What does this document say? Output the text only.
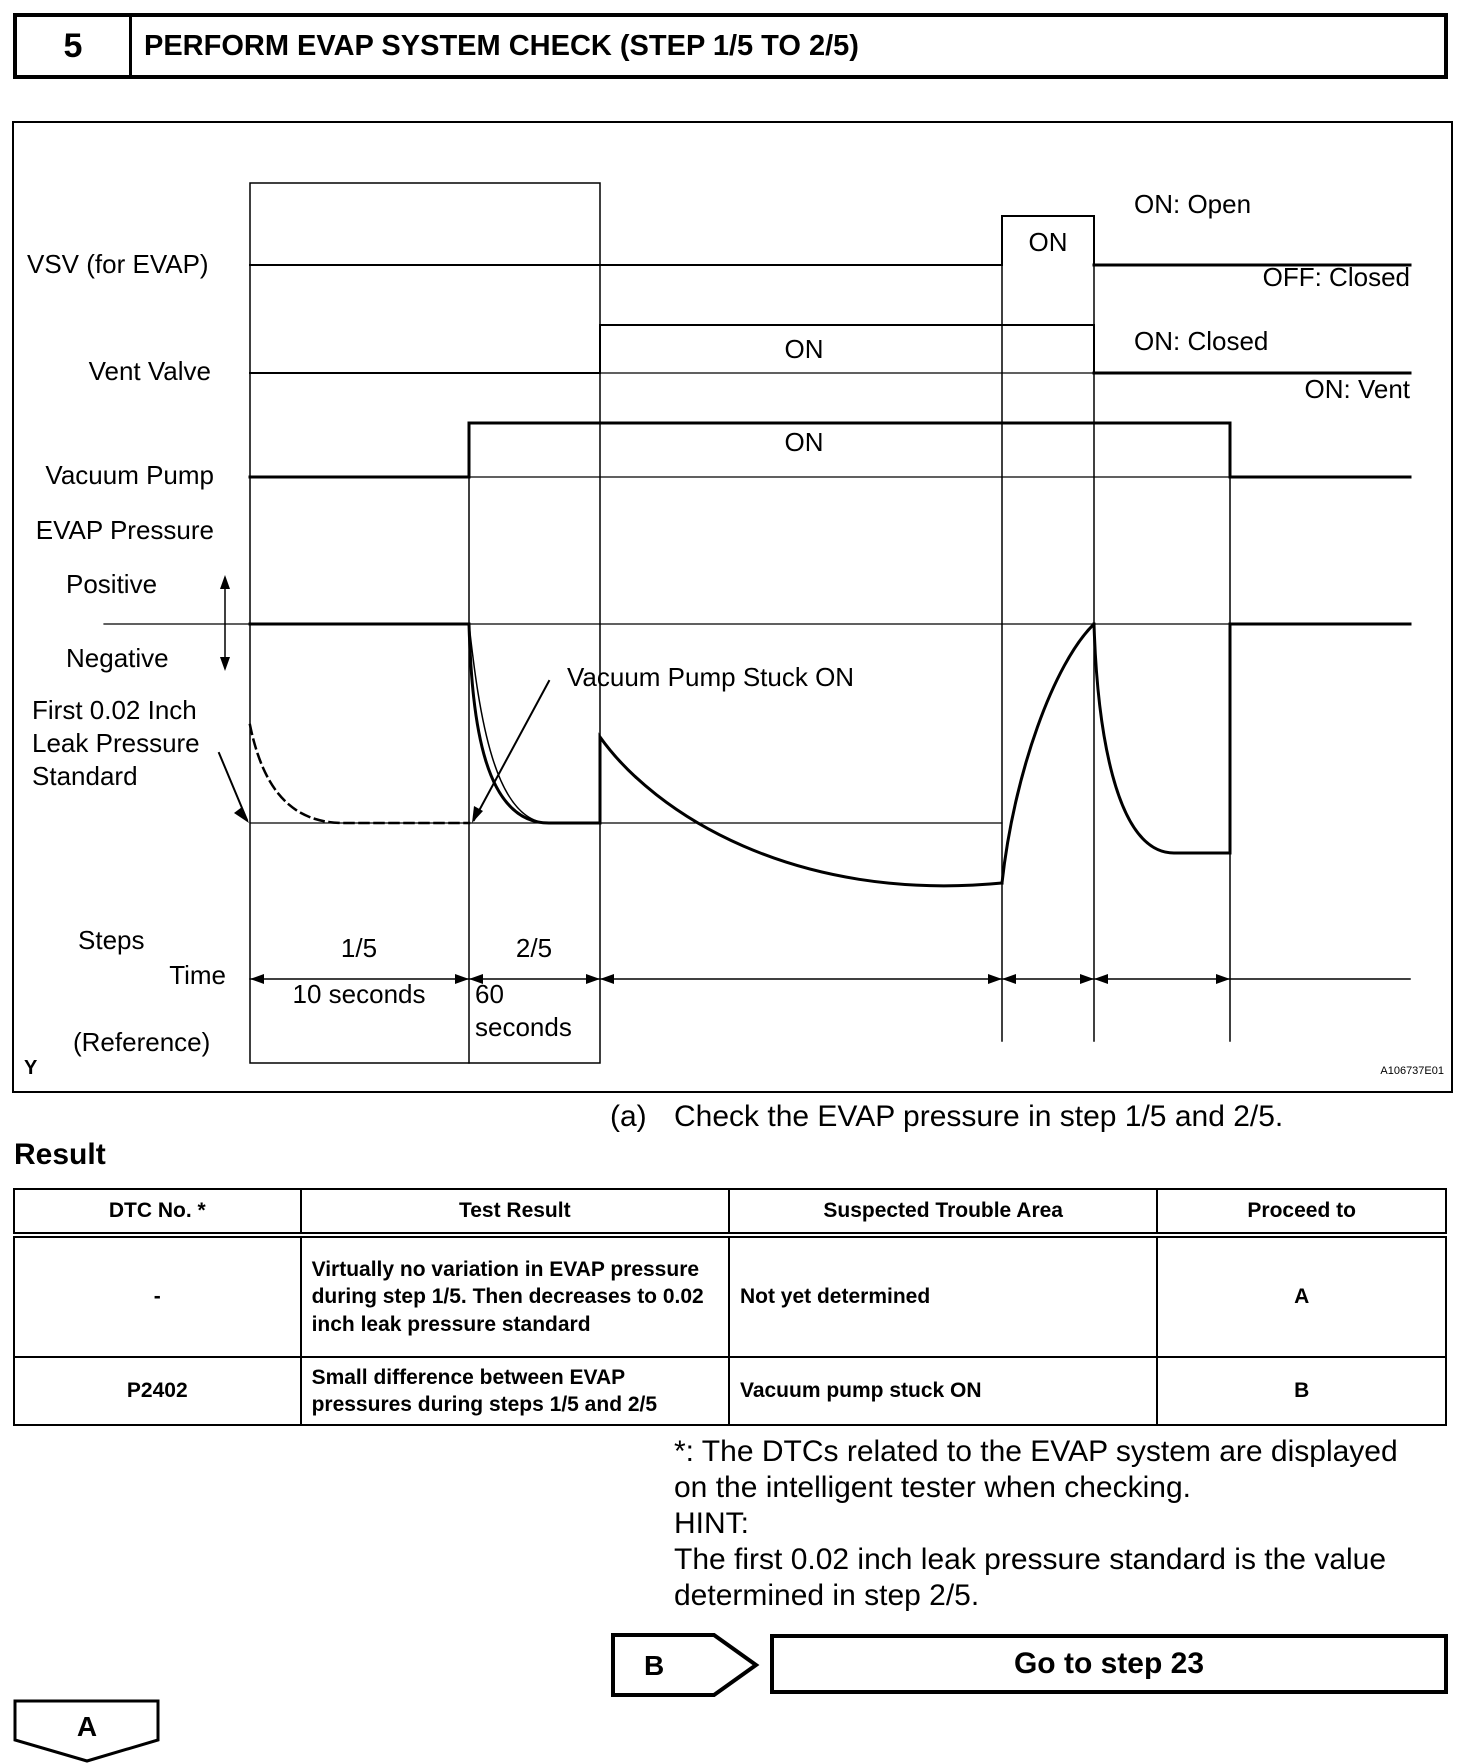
5	PERFORM EVAP SYSTEM CHECK (STEP 1/5 TO 2/5)
VSV (for EVAP)
Vent Valve
Vacuum Pump
EVAP Pressure
Positive
Negative
First 0.02 Inch
Leak Pressure
Standard
Steps
Time
(Reference)
ON
ON: Open
OFF: Closed
ON: Closed
ON: Vent
ON
ON
Vacuum Pump Stuck ON
1/5	2/5
10 seconds 60
seconds
Y	A106737E01
(a) Check the EVAP pressure in step 1/5 and 2/5.
Result
DTC No. *	Test Result	Suspected Trouble Area	Proceed to
-	Virtually no variation in EVAP pressure during step 1/5. Then decreases to 0.02 inch leak pressure standard	Not yet determined	A
P2402	Small difference between EVAP pressures during steps 1/5 and 2/5	Vacuum pump stuck ON	B
*: The DTCs related to the EVAP system are displayed
on the intelligent tester when checking.
HINT:
The first 0.02 inch leak pressure standard is the value
determined in step 2/5.
B	Go to step 23
A
